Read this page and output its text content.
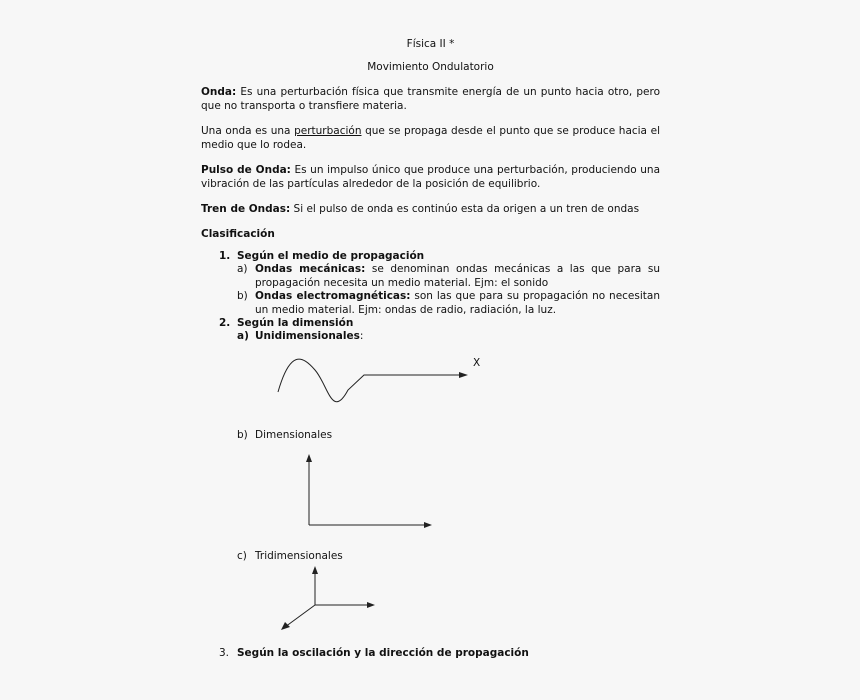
Física II *
Movimiento Ondulatorio

Onda: Es una perturbación física que transmite energía de un punto hacia otro, pero que no transporta o transfiere materia.

Una onda es una perturbación que se propaga desde el punto que se produce hacia el medio que lo rodea.

Pulso de Onda: Es un impulso único que produce una perturbación, produciendo una vibración de las partículas alrededor de la posición de equilibrio.

Tren de Ondas: Si el pulso de onda es continúo esta da origen a un tren de ondas

Clasificación
1. Según el medio de propagación
a) Ondas mecánicas: se denominan ondas mecánicas a las que para su propagación necesita un medio material. Ejm: el sonido
b) Ondas electromagnéticas: son las que para su propagación no necesitan un medio material. Ejm: ondas de radio, radiación, la luz.
2. Según la dimensión
a) Unidimensionales:
X
b) Dimensionales
c) Tridimensionales
3. Según la oscilación y la dirección de propagación
